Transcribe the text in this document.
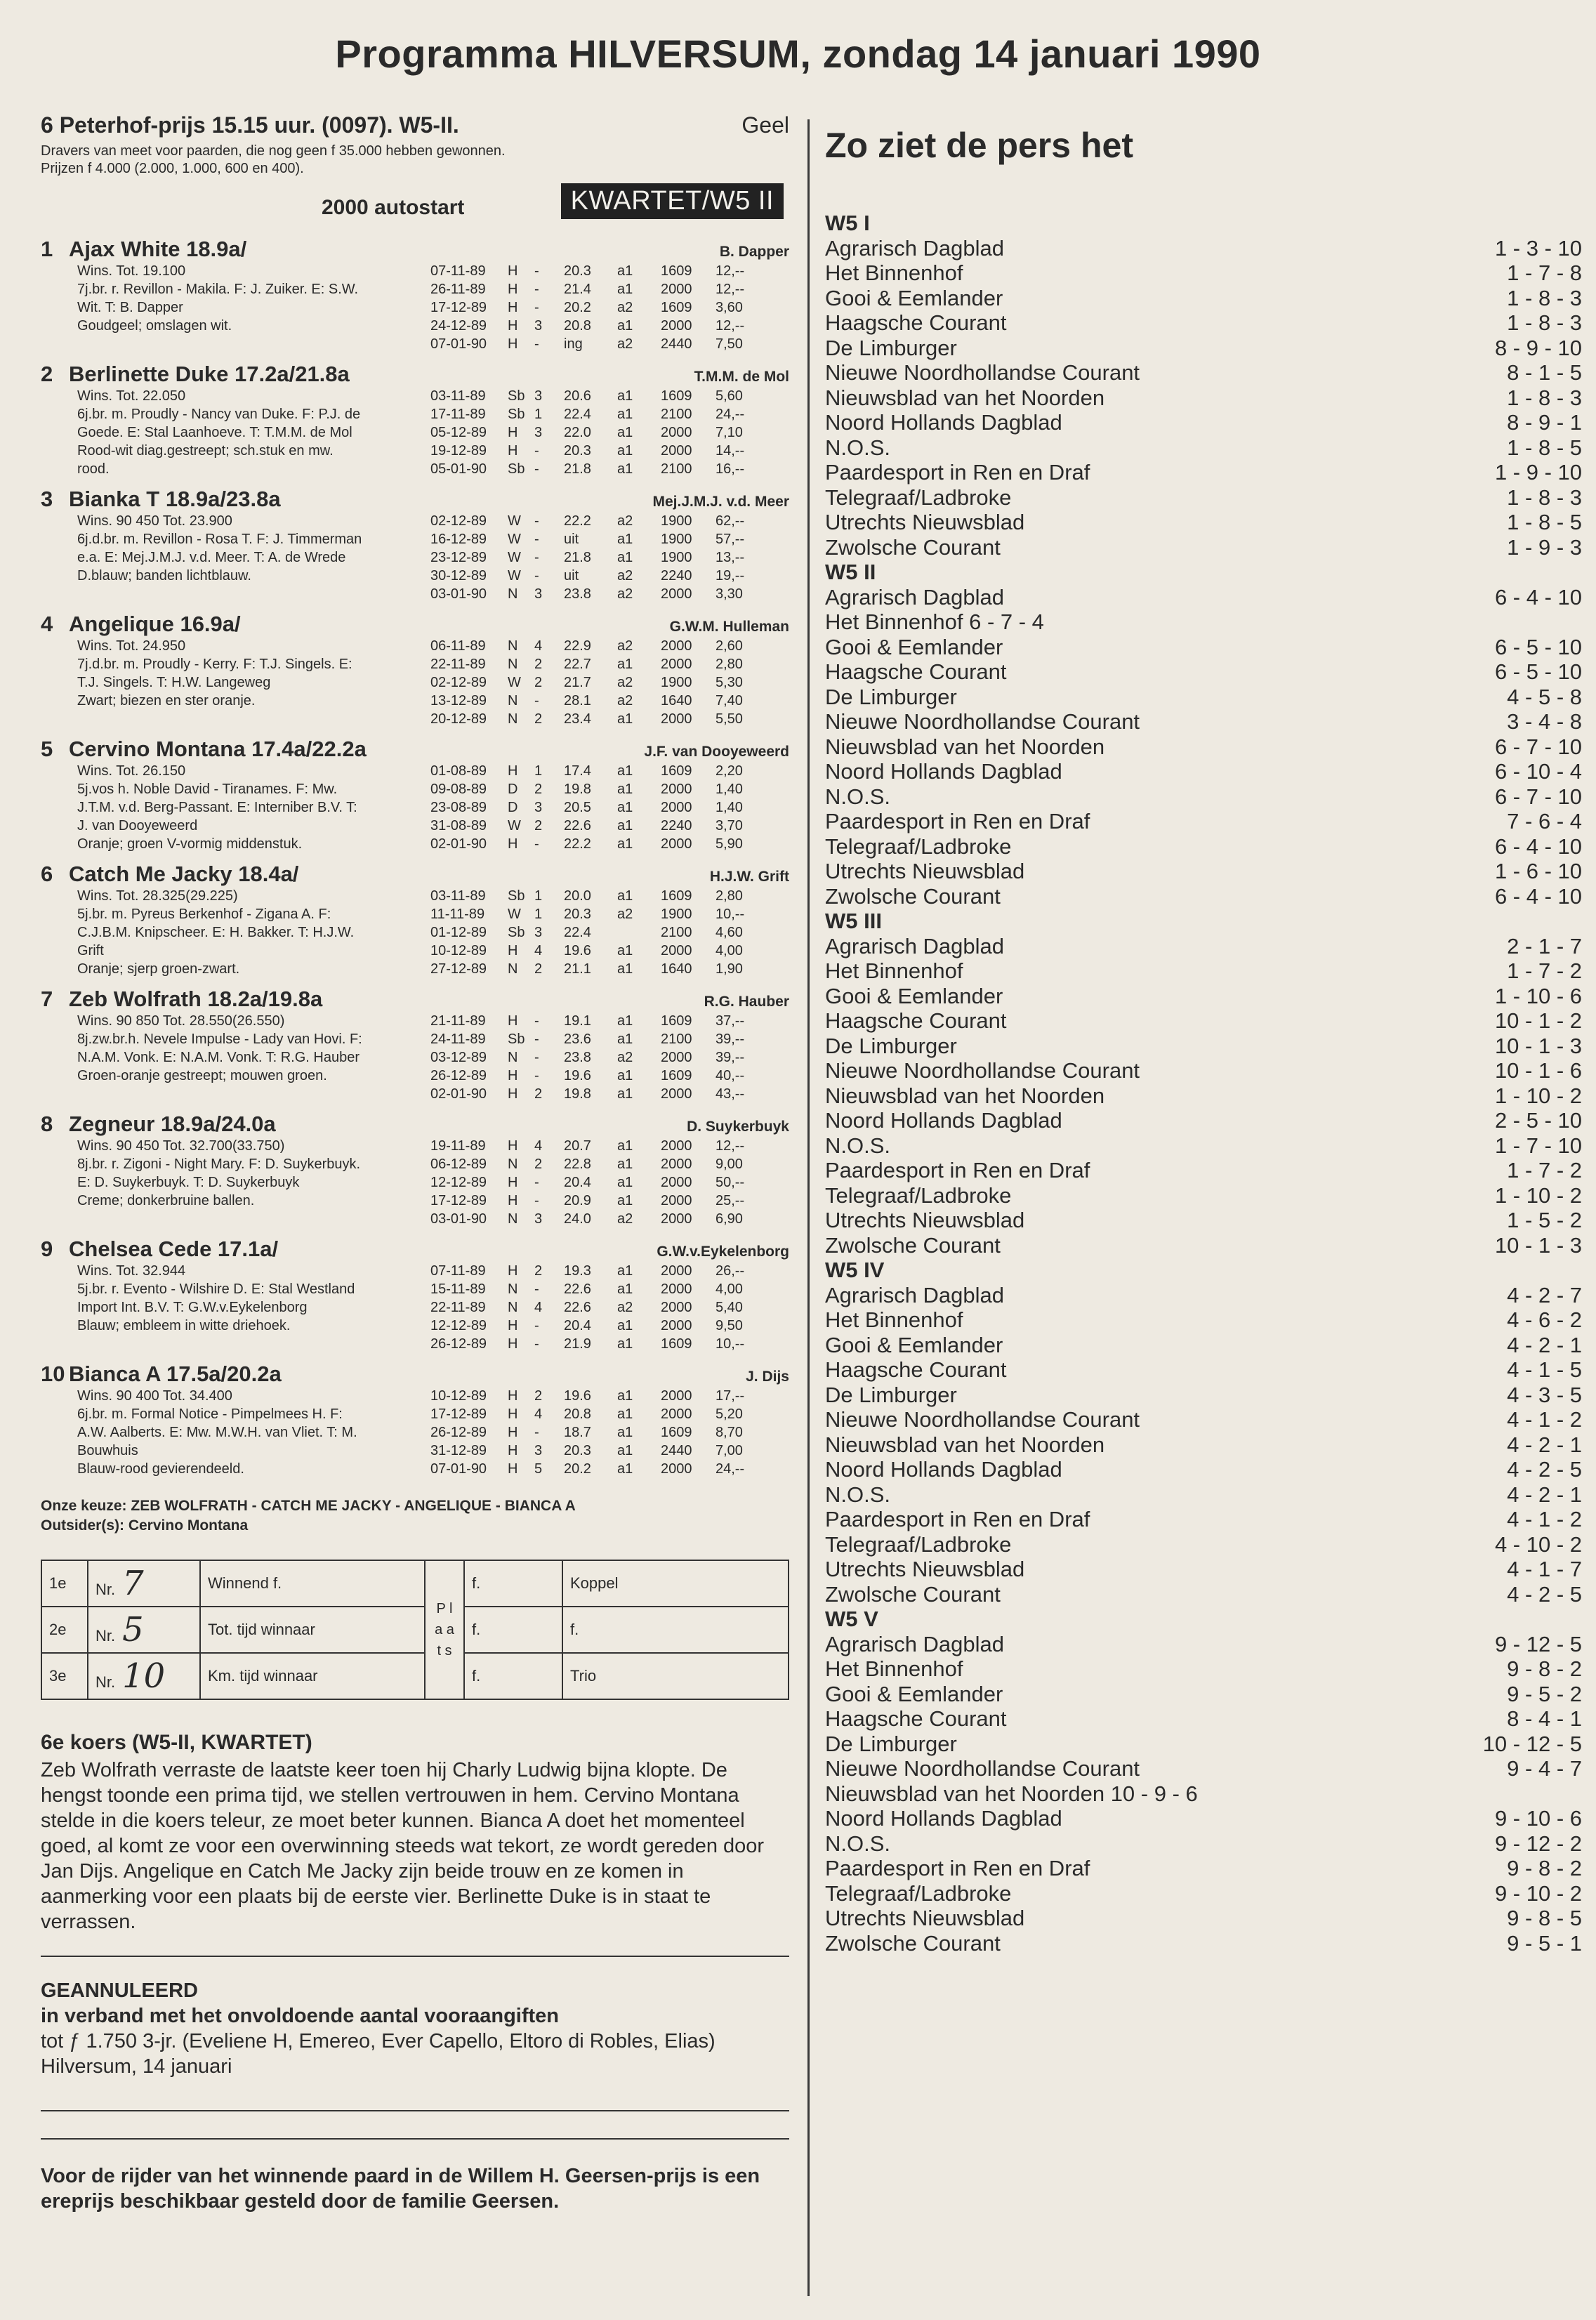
Programma HILVERSUM, zondag 14 januari 1990
6 Peterhof-prijs 15.15 uur. (0097). W5-II.	Geel
Dravers van meet voor paarden, die nog geen f 35.000 hebben gewonnen.
Prijzen f 4.000 (2.000, 1.000, 600 en 400).
2000 autostart	KWARTET/W5 II
1 Ajax White 18.9a/	B. Dapper
Wins. Tot. 19.100
7j.br. r. Revillon - Makila. F: J. Zuiker. E: S.W.
Wit. T: B. Dapper
Goudgeel; omslagen wit.
07-11-89	H	-	20.3	a1	1609	12,--
26-11-89	H	-	21.4	a1	2000	12,--
17-12-89	H	-	20.2	a2	1609	3,60
24-12-89	H	3	20.8	a1	2000	12,--
07-01-90	H	-	ing	a2	2440	7,50
2 Berlinette Duke 17.2a/21.8a	T.M.M. de Mol
Wins. Tot. 22.050
6j.br. m. Proudly - Nancy van Duke. F: P.J. de
Goede. E: Stal Laanhoeve. T: T.M.M. de Mol
Rood-wit diag.gestreept; sch.stuk en mw.
rood.
03-11-89	Sb 3	20.6	a1	1609	5,60
17-11-89	Sb 1	22.4	a1	2100	24,--
05-12-89	H	3	22.0	a1	2000	7,10
19-12-89	H	-	20.3	a1	2000	14,--
05-01-90	Sb -	21.8	a1	2100	16,--
3 Bianka T 18.9a/23.8a	Mej.J.M.J. v.d. Meer
Wins. 90 450 Tot. 23.900
6j.d.br. m. Revillon - Rosa T. F: J. Timmerman
e.a. E: Mej.J.M.J. v.d. Meer. T: A. de Wrede
D.blauw; banden lichtblauw.
02-12-89	W -	22.2	a2	1900	62,--
16-12-89	W -	uit	a1	1900	57,--
23-12-89	W -	21.8	a1	1900	13,--
30-12-89	W -	uit	a2	2240	19,--
03-01-90	N	3	23.8	a2	2000	3,30
4 Angelique 16.9a/	G.W.M. Hulleman
Wins. Tot. 24.950
7j.d.br. m. Proudly - Kerry. F: T.J. Singels. E:
T.J. Singels. T: H.W. Langeweg
Zwart; biezen en ster oranje.
06-11-89	N	4	22.9	a2	2000	2,60
22-11-89	N	2	22.7	a1	2000	2,80
02-12-89	W 2	21.7	a2	1900	5,30
13-12-89	N	-	28.1	a2	1640	7,40
20-12-89	N	2	23.4	a1	2000	5,50
5 Cervino Montana 17.4a/22.2a	J.F. van Dooyeweerd
Wins. Tot. 26.150
5j.vos h. Noble David - Tiranames. F: Mw.
J.T.M. v.d. Berg-Passant. E: Interniber B.V. T:
J. van Dooyeweerd
Oranje; groen V-vormig middenstuk.
01-08-89	H	1	17.4	a1	1609	2,20
09-08-89	D	2	19.8	a1	2000	1,40
23-08-89	D	3	20.5	a1	2000	1,40
31-08-89	W 2	22.6	a1	2240	3,70
02-01-90	H	-	22.2	a1	2000	5,90
6 Catch Me Jacky 18.4a/	H.J.W. Grift
Wins. Tot. 28.325(29.225)
5j.br. m. Pyreus Berkenhof - Zigana A. F:
C.J.B.M. Knipscheer. E: H. Bakker. T: H.J.W.
Grift
Oranje; sjerp groen-zwart.
03-11-89	Sb 1	20.0	a1	1609	2,80
11-11-89	W 1	20.3	a2	1900	10,--
01-12-89	Sb 3	22.4	2100	4,60
10-12-89	H	4	19.6	a1	2000	4,00
27-12-89	N	2	21.1	a1	1640	1,90
7 Zeb Wolfrath 18.2a/19.8a	R.G. Hauber
Wins. 90 850 Tot. 28.550(26.550)
8j.zw.br.h. Nevele Impulse - Lady van Hovi. F:
N.A.M. Vonk. E: N.A.M. Vonk. T: R.G. Hauber
Groen-oranje gestreept; mouwen groen.
21-11-89	H	-	19.1	a1	1609	37,--
24-11-89	Sb -	23.6	a1	2100	39,--
03-12-89	N	-	23.8	a2	2000	39,--
26-12-89	H	-	19.6	a1	1609	40,--
02-01-90	H	2	19.8	a1	2000	43,--
8 Zegneur 18.9a/24.0a	D. Suykerbuyk
Wins. 90 450 Tot. 32.700(33.750)
8j.br. r. Zigoni - Night Mary. F: D. Suykerbuyk.
E: D. Suykerbuyk. T: D. Suykerbuyk
Creme; donkerbruine ballen.
19-11-89	H	4	20.7	a1	2000	12,--
06-12-89	N	2	22.8	a1	2000	9,00
12-12-89	H	-	20.4	a1	2000	50,--
17-12-89	H	-	20.9	a1	2000	25,--
03-01-90	N	3	24.0	a2	2000	6,90
9 Chelsea Cede 17.1a/	G.W.v.Eykelenborg
Wins. Tot. 32.944
5j.br. r. Evento - Wilshire D. E: Stal Westland
Import Int. B.V. T: G.W.v.Eykelenborg
Blauw; embleem in witte driehoek.
07-11-89	H	2	19.3	a1	2000	26,--
15-11-89	N	-	22.6	a1	2000	4,00
22-11-89	N	4	22.6	a2	2000	5,40
12-12-89	H	-	20.4	a1	2000	9,50
26-12-89	H	-	21.9	a1	1609	10,--
10 Bianca A 17.5a/20.2a	J. Dijs
Wins. 90 400 Tot. 34.400
6j.br. m. Formal Notice - Pimpelmees H. F:
A.W. Aalberts. E: Mw. M.W.H. van Vliet. T: M.
Bouwhuis
Blauw-rood gevierendeeld.
10-12-89	H	2	19.6	a1	2000	17,--
17-12-89	H	4	20.8	a1	2000	5,20
26-12-89	H	-	18.7	a1	1609	8,70
31-12-89	H	3	20.3	a1	2440	7,00
07-01-90	H	5	20.2	a1	2000	24,--
Onze keuze: ZEB WOLFRATH - CATCH ME JACKY - ANGELIQUE - BIANCA A
Outsider(s): Cervino Montana
1e	Nr. 7	Winnend f.	P l a a t s	f.	Koppel
2e	Nr. 5	Tot. tijd winnaar		f.	f.
3e	Nr. 10	Km. tijd winnaar		f.	Trio
6e koers (W5-II, KWARTET)
Zeb Wolfrath verraste de laatste keer toen hij Charly Ludwig bijna klopte. De hengst toonde een prima tijd, we stellen vertrouwen in hem. Cervino Montana stelde in die koers teleur, ze moet beter kunnen. Bianca A doet het momenteel goed, al komt ze voor een overwinning steeds wat tekort, ze wordt gereden door Jan Dijs. Angelique en Catch Me Jacky zijn beide trouw en ze komen in aanmerking voor een plaats bij de eerste vier. Berlinette Duke is in staat te verrassen.
GEANNULEERD
in verband met het onvoldoende aantal vooraangiften
tot ƒ 1.750 3-jr. (Eveliene H, Emereo, Ever Capello, Eltoro di Robles, Elias)
Hilversum, 14 januari
Voor de rijder van het winnende paard in de Willem H. Geersen-prijs is een ereprijs beschikbaar gesteld door de familie Geersen.
Zo ziet de pers het
W5 I
Agrarisch Dagblad	1 - 3 - 10
Het Binnenhof	1 - 7 - 8
Gooi & Eemlander	1 - 8 - 3
Haagsche Courant	1 - 8 - 3
De Limburger	8 - 9 - 10
Nieuwe Noordhollandse Courant	8 - 1 - 5
Nieuwsblad van het Noorden	1 - 8 - 3
Noord Hollands Dagblad	8 - 9 - 1
N.O.S.	1 - 8 - 5
Paardesport in Ren en Draf	1 - 9 - 10
Telegraaf/Ladbroke	1 - 8 - 3
Utrechts Nieuwsblad	1 - 8 - 5
Zwolsche Courant	1 - 9 - 3
W5 II
Agrarisch Dagblad	6 - 4 - 10
Het Binnenhof 6 - 7 - 4
Gooi & Eemlander	6 - 5 - 10
Haagsche Courant	6 - 5 - 10
De Limburger	4 - 5 - 8
Nieuwe Noordhollandse Courant	3 - 4 - 8
Nieuwsblad van het Noorden	6 - 7 - 10
Noord Hollands Dagblad	6 - 10 - 4
N.O.S.	6 - 7 - 10
Paardesport in Ren en Draf	7 - 6 - 4
Telegraaf/Ladbroke	6 - 4 - 10
Utrechts Nieuwsblad	1 - 6 - 10
Zwolsche Courant	6 - 4 - 10
W5 III
Agrarisch Dagblad	2 - 1 - 7
Het Binnenhof	1 - 7 - 2
Gooi & Eemlander	1 - 10 - 6
Haagsche Courant	10 - 1 - 2
De Limburger	10 - 1 - 3
Nieuwe Noordhollandse Courant	10 - 1 - 6
Nieuwsblad van het Noorden	1 - 10 - 2
Noord Hollands Dagblad	2 - 5 - 10
N.O.S.	1 - 7 - 10
Paardesport in Ren en Draf	1 - 7 - 2
Telegraaf/Ladbroke	1 - 10 - 2
Utrechts Nieuwsblad	1 - 5 - 2
Zwolsche Courant	10 - 1 - 3
W5 IV
Agrarisch Dagblad	4 - 2 - 7
Het Binnenhof	4 - 6 - 2
Gooi & Eemlander	4 - 2 - 1
Haagsche Courant	4 - 1 - 5
De Limburger	4 - 3 - 5
Nieuwe Noordhollandse Courant	4 - 1 - 2
Nieuwsblad van het Noorden	4 - 2 - 1
Noord Hollands Dagblad	4 - 2 - 5
N.O.S.	4 - 2 - 1
Paardesport in Ren en Draf	4 - 1 - 2
Telegraaf/Ladbroke	4 - 10 - 2
Utrechts Nieuwsblad	4 - 1 - 7
Zwolsche Courant	4 - 2 - 5
W5 V
Agrarisch Dagblad	9 - 12 - 5
Het Binnenhof	9 - 8 - 2
Gooi & Eemlander	9 - 5 - 2
Haagsche Courant	8 - 4 - 1
De Limburger	10 - 12 - 5
Nieuwe Noordhollandse Courant	9 - 4 - 7
Nieuwsblad van het Noorden 10 - 9 - 6
Noord Hollands Dagblad	9 - 10 - 6
N.O.S.	9 - 12 - 2
Paardesport in Ren en Draf	9 - 8 - 2
Telegraaf/Ladbroke	9 - 10 - 2
Utrechts Nieuwsblad	9 - 8 - 5
Zwolsche Courant	9 - 5 - 1
